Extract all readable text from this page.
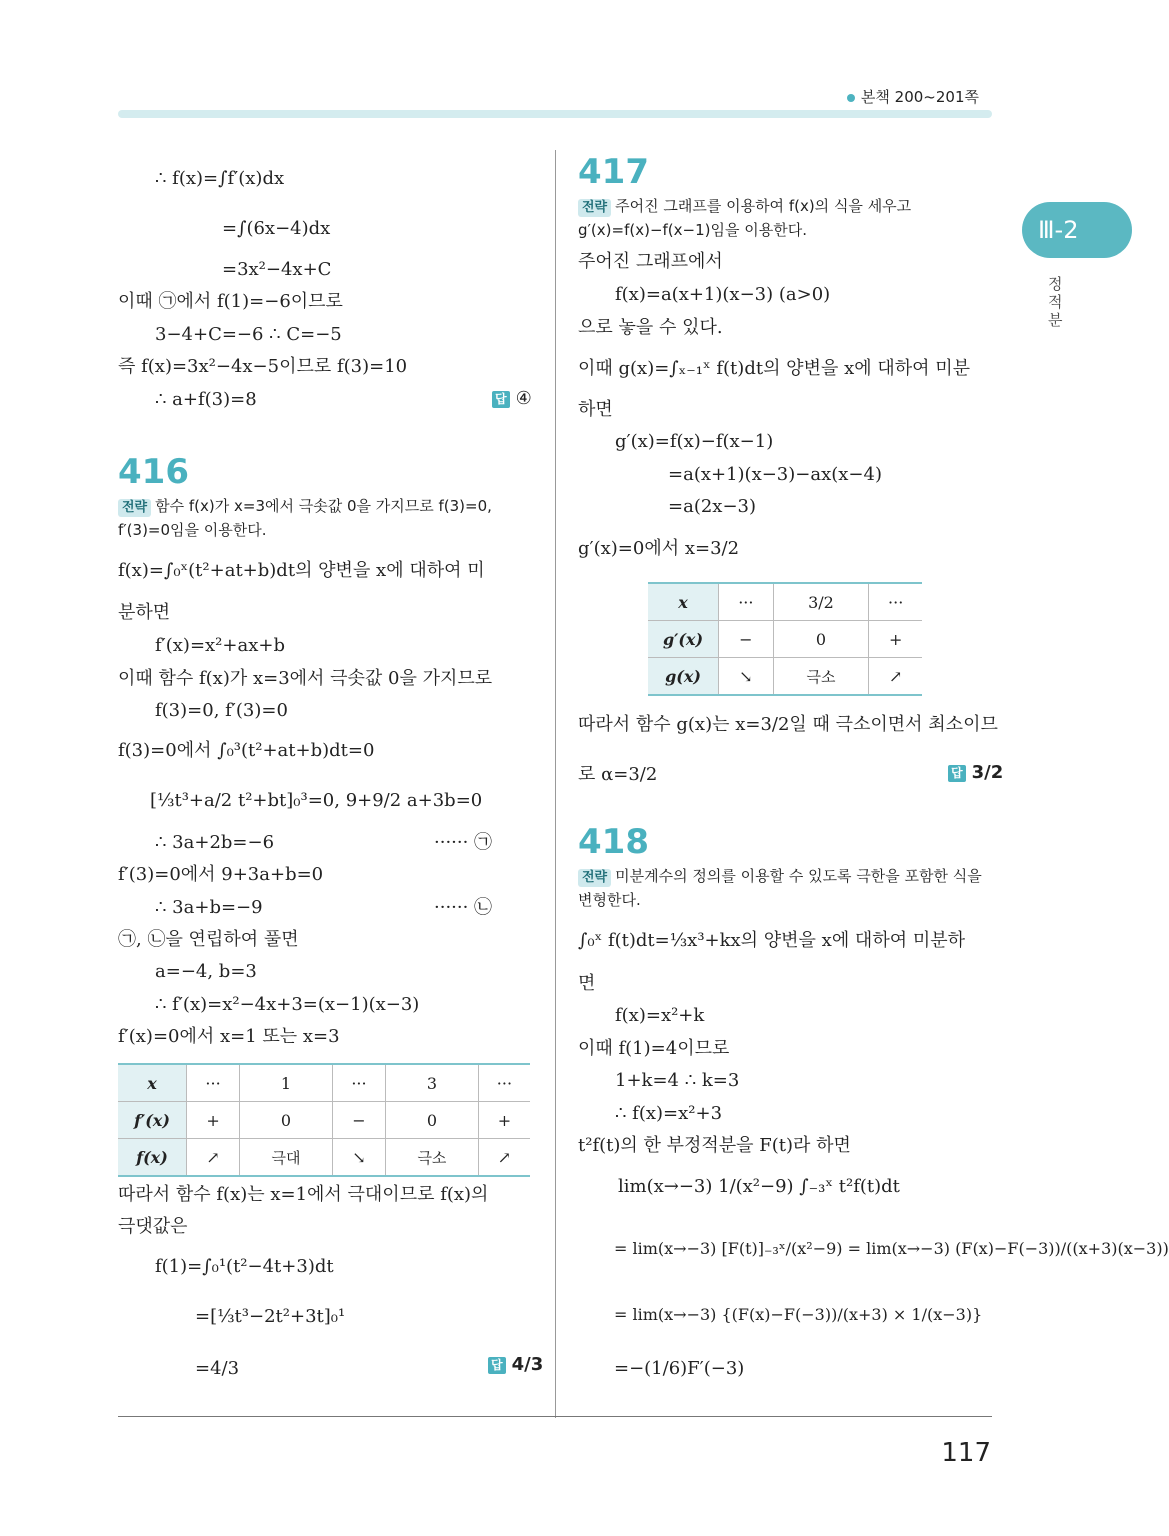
본책 200~201쪽
Ⅲ-2
정적분
117
∴ f(x)=∫f′(x)dx
=∫(6x−4)dx
=3x²−4x+C
이때 ㉠에서 f(1)=−6이므로
3−4+C=−6 ∴ C=−5
즉 f(x)=3x²−4x−5이므로 f(3)=10
∴ a+f(3)=8	답 ④
416
전략 함수 f(x)가 x=3에서 극솟값 0을 가지므로 f(3)=0,
f′(3)=0임을 이용한다.
f(x)=∫₀ˣ(t²+at+b)dt의 양변을 x에 대하여 미
분하면
f′(x)=x²+ax+b
이때 함수 f(x)가 x=3에서 극솟값 0을 가지므로
f(3)=0, f′(3)=0
f(3)=0에서 ∫₀³(t²+at+b)dt=0
[⅓t³+a/2 t²+bt]₀³=0, 9+9/2 a+3b=0
∴ 3a+2b=−6	······ ㉠
f′(3)=0에서 9+3a+b=0
∴ 3a+b=−9	······ ㉡
㉠, ㉡을 연립하여 풀면
a=−4, b=3
∴ f′(x)=x²−4x+3=(x−1)(x−3)
f′(x)=0에서 x=1 또는 x=3
x	···	1	···	3	···
f′(x)	+	0	−	0	+
f(x)	↗	극대	↘	극소	↗
따라서 함수 f(x)는 x=1에서 극대이므로 f(x)의
극댓값은
f(1)=∫₀¹(t²−4t+3)dt
=[⅓t³−2t²+3t]₀¹
=4/3	답 4/3
417
전략 주어진 그래프를 이용하여 f(x)의 식을 세우고
g′(x)=f(x)−f(x−1)임을 이용한다.
주어진 그래프에서
f(x)=a(x+1)(x−3) (a>0)
으로 놓을 수 있다.
이때 g(x)=∫ₓ₋₁ˣ f(t)dt의 양변을 x에 대하여 미분
하면
g′(x)=f(x)−f(x−1)
=a(x+1)(x−3)−ax(x−4)
=a(2x−3)
g′(x)=0에서 x=3/2
x	···	3/2	···
g′(x)	−	0	+
g(x)	↘	극소	↗
따라서 함수 g(x)는 x=3/2일 때 극소이면서 최소이므
로 α=3/2	답 3/2
418
전략 미분계수의 정의를 이용할 수 있도록 극한을 포함한 식을
변형한다.
∫₀ˣ f(t)dt=⅓x³+kx의 양변을 x에 대하여 미분하
면
f(x)=x²+k
이때 f(1)=4이므로
1+k=4 ∴ k=3
∴ f(x)=x²+3
t²f(t)의 한 부정적분을 F(t)라 하면
lim(x→−3) 1/(x²−9) ∫₋₃ˣ t²f(t)dt
= lim(x→−3) [F(t)]₋₃ˣ/(x²−9) = lim(x→−3) (F(x)−F(−3))/((x+3)(x−3))
= lim(x→−3) {(F(x)−F(−3))/(x+3) × 1/(x−3)}
=−(1/6)F′(−3)
